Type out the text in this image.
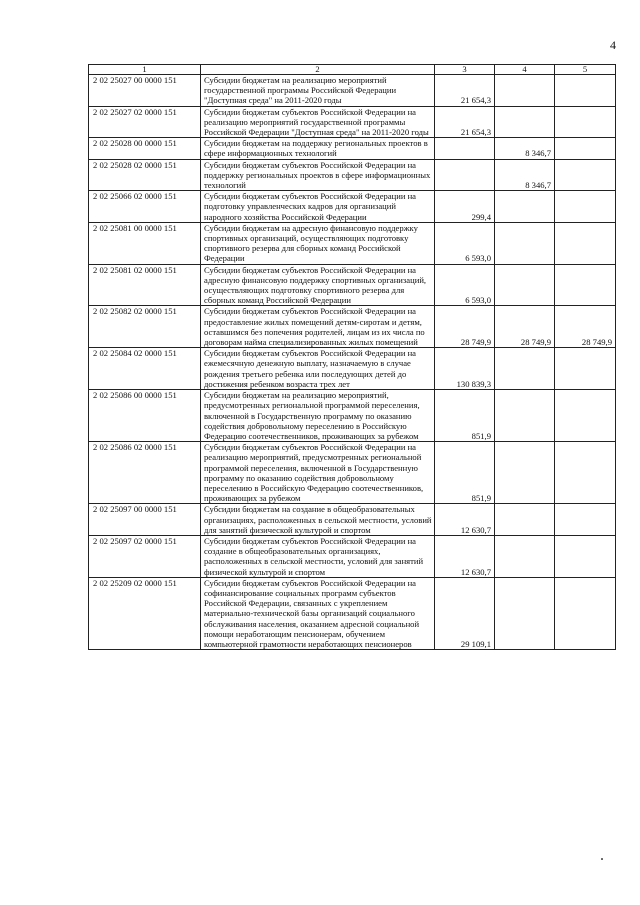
4
1	2	3	4	5
2 02 25027 00 0000 151	Субсидии бюджетам на реализацию мероприятий государственной программы Российской Федерации "Доступная среда" на 2011-2020 годы	21 654,3		
2 02 25027 02 0000 151	Субсидии бюджетам субъектов Российской Федерации на реализацию мероприятий государственной программы Российской Федерации "Доступная среда" на 2011-2020 годы	21 654,3		
2 02 25028 00 0000 151	Субсидии бюджетам на поддержку региональных проектов в сфере информационных технологий		8 346,7	
2 02 25028 02 0000 151	Субсидии бюджетам субъектов Российской Федерации на поддержку региональных проектов в сфере информационных технологий		8 346,7	
2 02 25066 02 0000 151	Субсидии бюджетам субъектов Российской Федерации на подготовку управленческих кадров для организаций народного хозяйства Российской Федерации	299,4		
2 02 25081 00 0000 151	Субсидии бюджетам на адресную финансовую поддержку спортивных организаций, осуществляющих подготовку спортивного резерва для сборных команд Российской Федерации	6 593,0		
2 02 25081 02 0000 151	Субсидии бюджетам субъектов Российской Федерации на адресную финансовую поддержку спортивных организаций, осуществляющих подготовку спортивного резерва для сборных команд Российской Федерации	6 593,0		
2 02 25082 02 0000 151	Субсидии бюджетам субъектов Российской Федерации на предоставление жилых помещений детям-сиротам и детям, оставшимся без попечения родителей, лицам из их числа по договорам найма специализированных жилых помещений	28 749,9	28 749,9	28 749,9
2 02 25084 02 0000 151	Субсидии бюджетам субъектов Российской Федерации на ежемесячную денежную выплату, назначаемую в случае рождения третьего ребенка или последующих детей до достижения ребенком возраста трех лет	130 839,3		
2 02 25086 00 0000 151	Субсидии бюджетам на реализацию мероприятий, предусмотренных региональной программой переселения, включенной в Государственную программу по оказанию содействия добровольному переселению в Российскую Федерацию соотечественников, проживающих за рубежом	851,9		
2 02 25086 02 0000 151	Субсидии бюджетам субъектов Российской Федерации на реализацию мероприятий, предусмотренных региональной программой переселения, включенной в Государственную программу по оказанию содействия добровольному переселению в Российскую Федерацию соотечественников, проживающих за рубежом	851,9		
2 02 25097 00 0000 151	Субсидии бюджетам на создание в общеобразовательных организациях, расположенных в сельской местности, условий для занятий физической культурой и спортом	12 630,7		
2 02 25097 02 0000 151	Субсидии бюджетам субъектов Российской Федерации на создание в общеобразовательных организациях, расположенных в сельской местности, условий для занятий физической культурой и спортом	12 630,7		
2 02 25209 02 0000 151	Субсидии бюджетам субъектов Российской Федерации на софинансирование социальных программ субъектов Российской Федерации, связанных с укреплением материально-технической базы организаций социального обслуживания населения, оказанием адресной социальной помощи неработающим пенсионерам, обучением компьютерной грамотности неработающих пенсионеров	29 109,1		
